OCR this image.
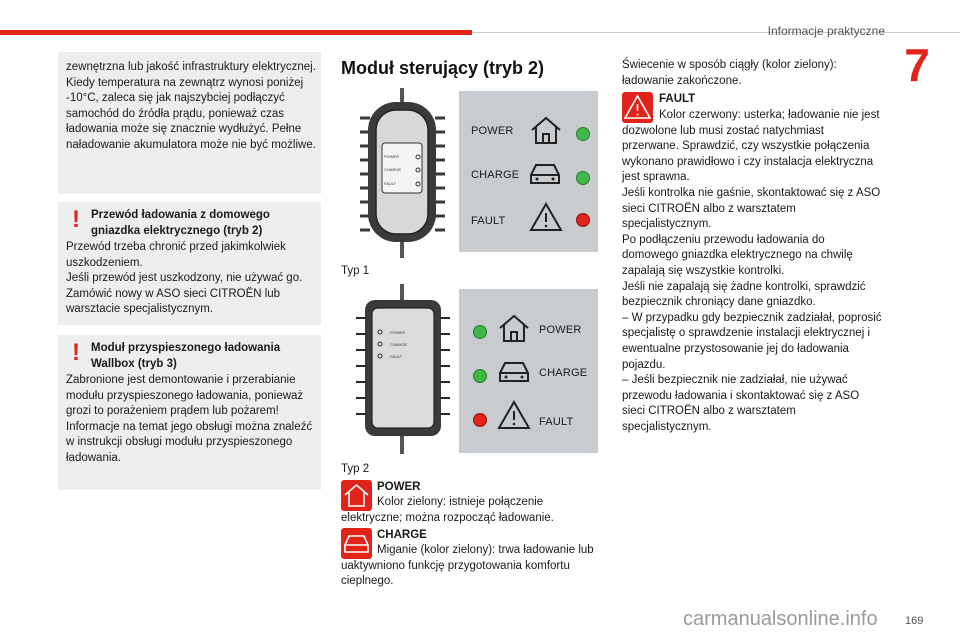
Informacje praktyczne
7
zewnętrzna lub jakość infrastruktury elektrycznej.
Kiedy temperatura na zewnątrz wynosi poniżej -10°C, zaleca się jak najszybciej podłączyć samochód do źródła prądu, ponieważ czas ładowania może się znacznie wydłużyć. Pełne naładowanie akumulatora może nie być możliwe.
! Przewód ładowania z domowego gniazdka elektrycznego (tryb 2)
Przewód trzeba chronić przed jakimkolwiek uszkodzeniem.
Jeśli przewód jest uszkodzony, nie używać go. Zamówić nowy w ASO sieci CITROËN lub warsztacie specjalistycznym.
! Moduł przyspieszonego ładowania Wallbox (tryb 3)
Zabronione jest demontowanie i przerabianie modułu przyspieszonego ładowania, ponieważ grozi to porażeniem prądem lub pożarem!
Informacje na temat jego obsługi można znaleźć w instrukcji obsługi modułu przyspieszonego ładowania.
Moduł sterujący (tryb 2)
POWER
CHARGE
FAULT
POWER
CHARGE
FAULT
Typ 1
POWER
CHARGE
FAULT
POWER
CHARGE
FAULT
Typ 2
POWER
Kolor zielony: istnieje połączenie elektryczne; można rozpocząć ładowanie.
CHARGE
Miganie (kolor zielony): trwa ładowanie lub uaktywniono funkcję przygotowania komfortu cieplnego.
Świecenie w sposób ciągły (kolor zielony): ładowanie zakończone.
FAULT
Kolor czerwony: usterka; ładowanie nie jest dozwolone lub musi zostać natychmiast przerwane. Sprawdzić, czy wszystkie połączenia wykonano prawidłowo i czy instalacja elektryczna jest sprawna.
Jeśli kontrolka nie gaśnie, skontaktować się z ASO sieci CITROËN albo z warsztatem specjalistycznym.
Po podłączeniu przewodu ładowania do domowego gniazdka elektrycznego na chwilę zapalają się wszystkie kontrolki.
Jeśli nie zapalają się żadne kontrolki, sprawdzić bezpiecznik chroniący dane gniazdko.
– W przypadku gdy bezpiecznik zadziałał, poprosić specjalistę o sprawdzenie instalacji elektrycznej i ewentualne przystosowanie jej do ładowania pojazdu.
– Jeśli bezpiecznik nie zadziałał, nie używać przewodu ładowania i skontaktować się z ASO sieci CITROËN albo z warsztatem specjalistycznym.
carmanualsonline.info 169
